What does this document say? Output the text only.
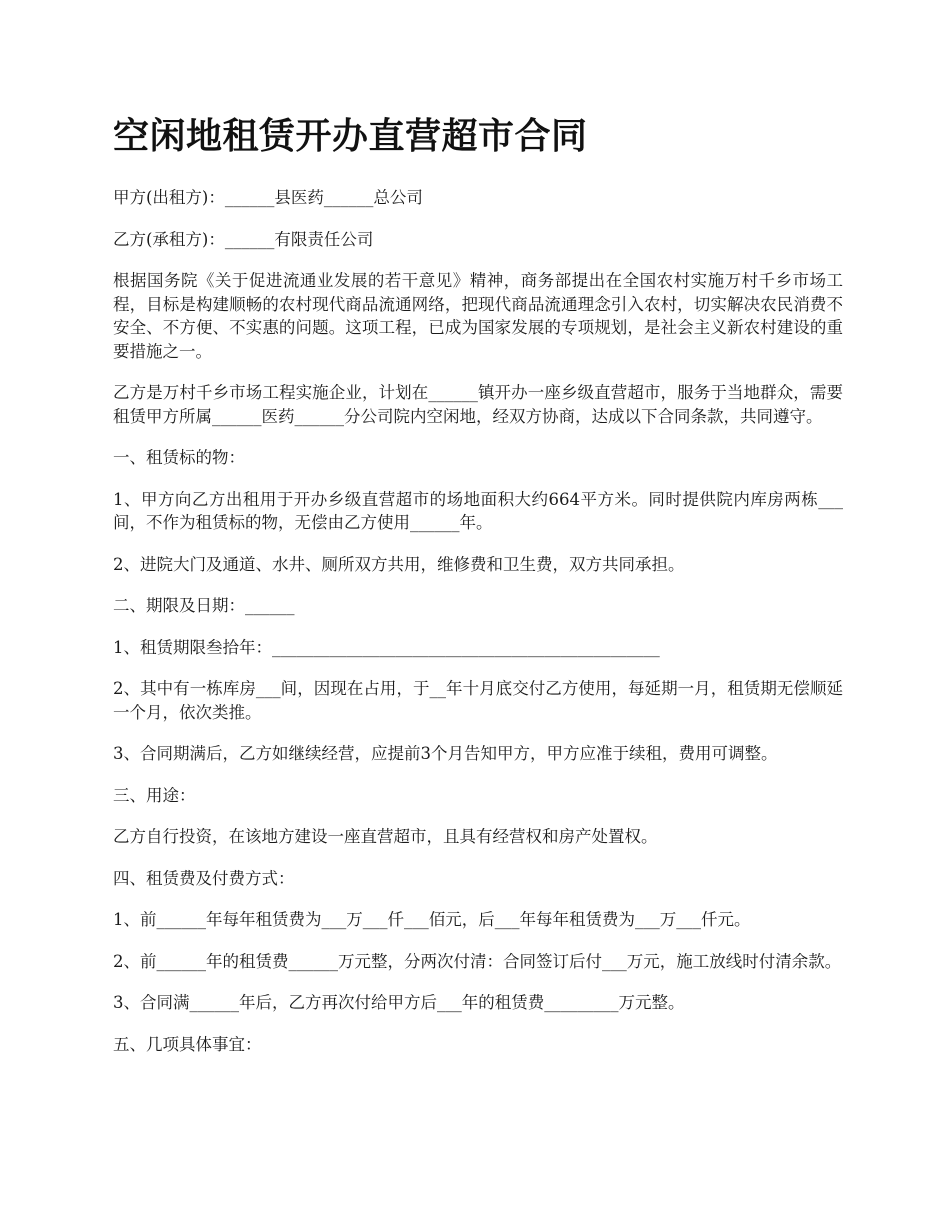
空闲地租赁开办直营超市合同

甲方(出租方)：______县医药______总公司

乙方(承租方)：______有限责任公司

根据国务院《关于促进流通业发展的若干意见》精神，商务部提出在全国农村实施万村千乡市场工程，目标是构建顺畅的农村现代商品流通网络，把现代商品流通理念引入农村，切实解决农民消费不安全、不方便、不实惠的问题。这项工程，已成为国家发展的专项规划，是社会主义新农村建设的重要措施之一。

乙方是万村千乡市场工程实施企业，计划在______镇开办一座乡级直营超市，服务于当地群众，需要租赁甲方所属______医药______分公司院内空闲地，经双方协商，达成以下合同条款，共同遵守。

一、租赁标的物：

1、甲方向乙方出租用于开办乡级直营超市的场地面积大约664平方米。同时提供院内库房两栋___间，不作为租赁标的物，无偿由乙方使用______年。

2、进院大门及通道、水井、厕所双方共用，维修费和卫生费，双方共同承担。

二、期限及日期：______

1、租赁期限叁拾年：_______________________________________________

2、其中有一栋库房___间，因现在占用，于__年十月底交付乙方使用，每延期一月，租赁期无偿顺延一个月，依次类推。

3、合同期满后，乙方如继续经营，应提前3个月告知甲方，甲方应准于续租，费用可调整。

三、用途：

乙方自行投资，在该地方建设一座直营超市，且具有经营权和房产处置权。

四、租赁费及付费方式：

1、前______年每年租赁费为___万___仟___佰元，后___年每年租赁费为___万___仟元。

2、前______年的租赁费______万元整，分两次付清：合同签订后付___万元，施工放线时付清余款。

3、合同满______年后，乙方再次付给甲方后___年的租赁费_________万元整。

五、几项具体事宜：
